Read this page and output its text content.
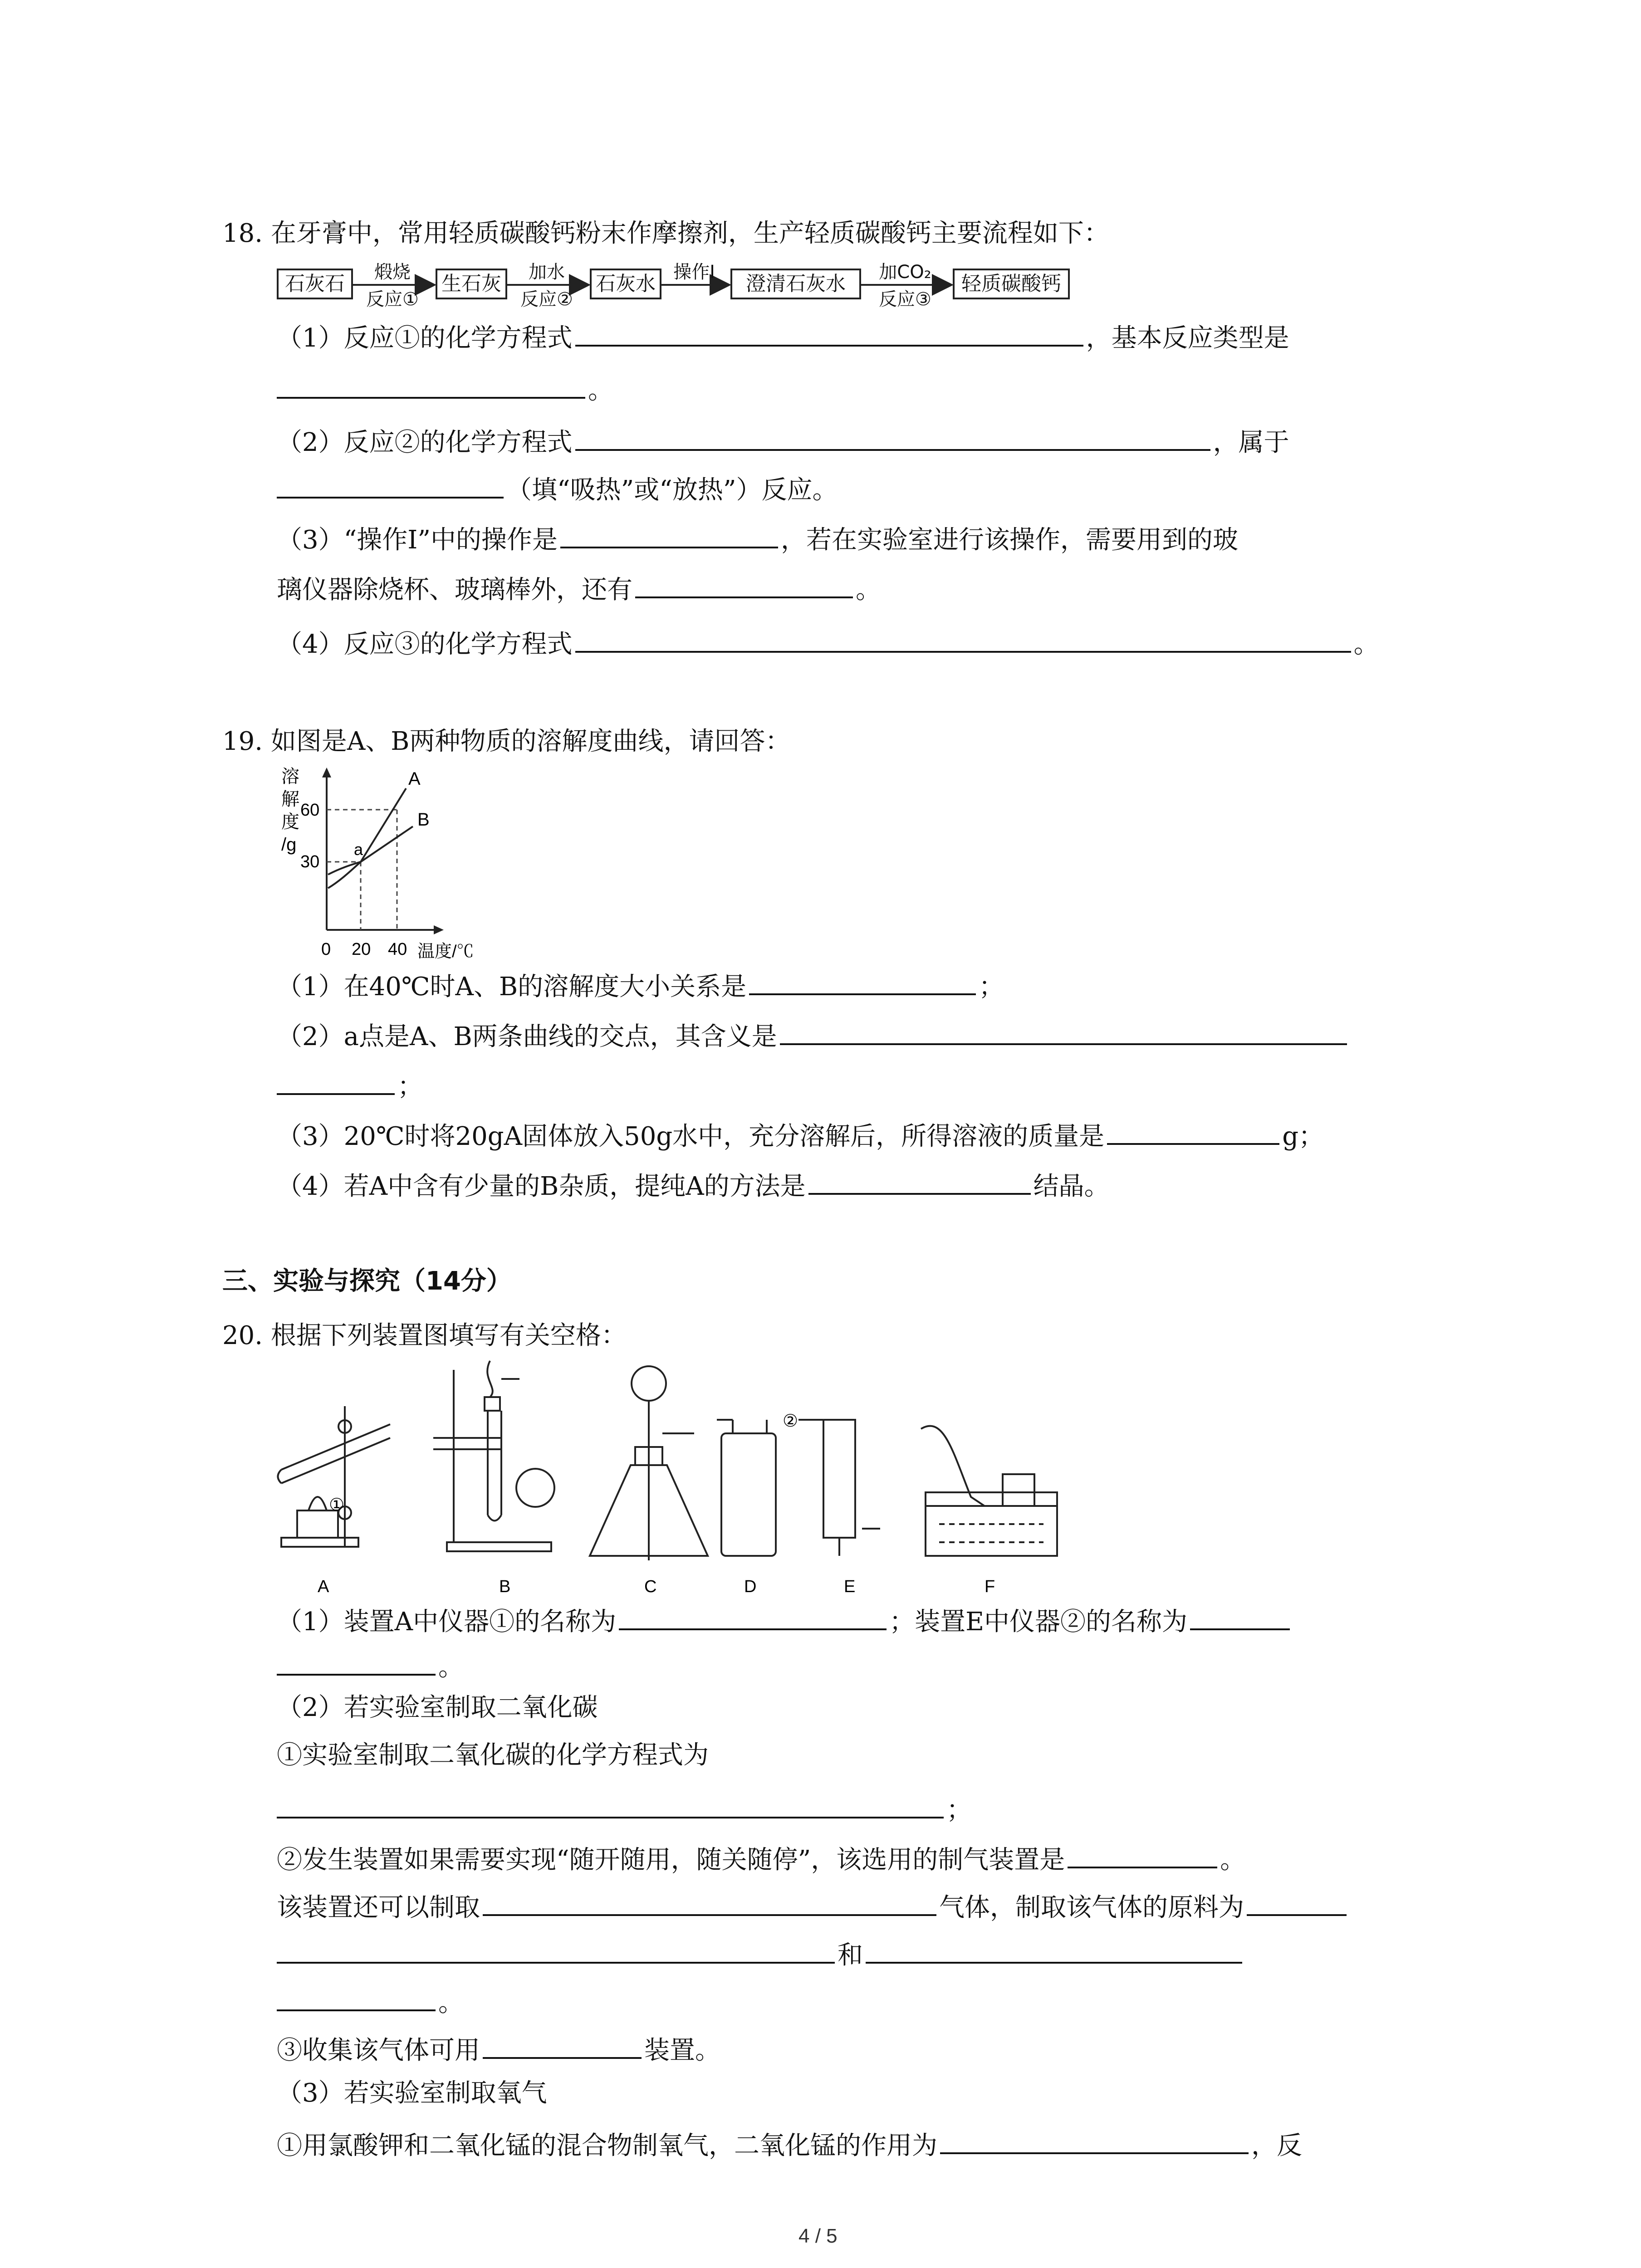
18. 在牙膏中，常用轻质碳酸钙粉末作摩擦剂，生产轻质碳酸钙主要流程如下：
石灰石	生石灰	石灰水	澄清石灰水	轻质碳酸钙
煅烧
反应①
加水
反应②
操作Ⅰ	加CO₂
反应③
（1）反应①的化学方程式	，基本反应类型是
。
（2）反应②的化学方程式	，属于
（填“吸热”或“放热”）反应。
（3）“操作Ⅰ”中的操作是	，若在实验室进行该操作，需要用到的玻
璃仪器除烧杯、玻璃棒外，还有	。
（4）反应③的化学方程式	。
19. 如图是A、B两种物质的溶解度曲线，请回答：
溶
解
度
/g
60
30
0 20 40 温度/℃
A
B
a
（1）在40℃时A、B的溶解度大小关系是	；
（2）a点是A、B两条曲线的交点，其含义是
；
（3）20℃时将20gA固体放入50g水中，充分溶解后，所得溶液的质量是	g；
（4）若A中含有少量的B杂质，提纯A的方法是	结晶。
三、实验与探究（14分）
20. 根据下列装置图填写有关空格：
①
②
A	B	C	D	E	F
（1）装置A中仪器①的名称为	；装置E中仪器②的名称为
。
（2）若实验室制取二氧化碳
①实验室制取二氧化碳的化学方程式为
；
②发生装置如果需要实现“随开随用，随关随停”，该选用的制气装置是	。
该装置还可以制取	气体，制取该气体的原料为
和
。
③收集该气体可用	装置。
（3）若实验室制取氧气
①用氯酸钾和二氧化锰的混合物制氧气，二氧化锰的作用为	，反
4 / 5
